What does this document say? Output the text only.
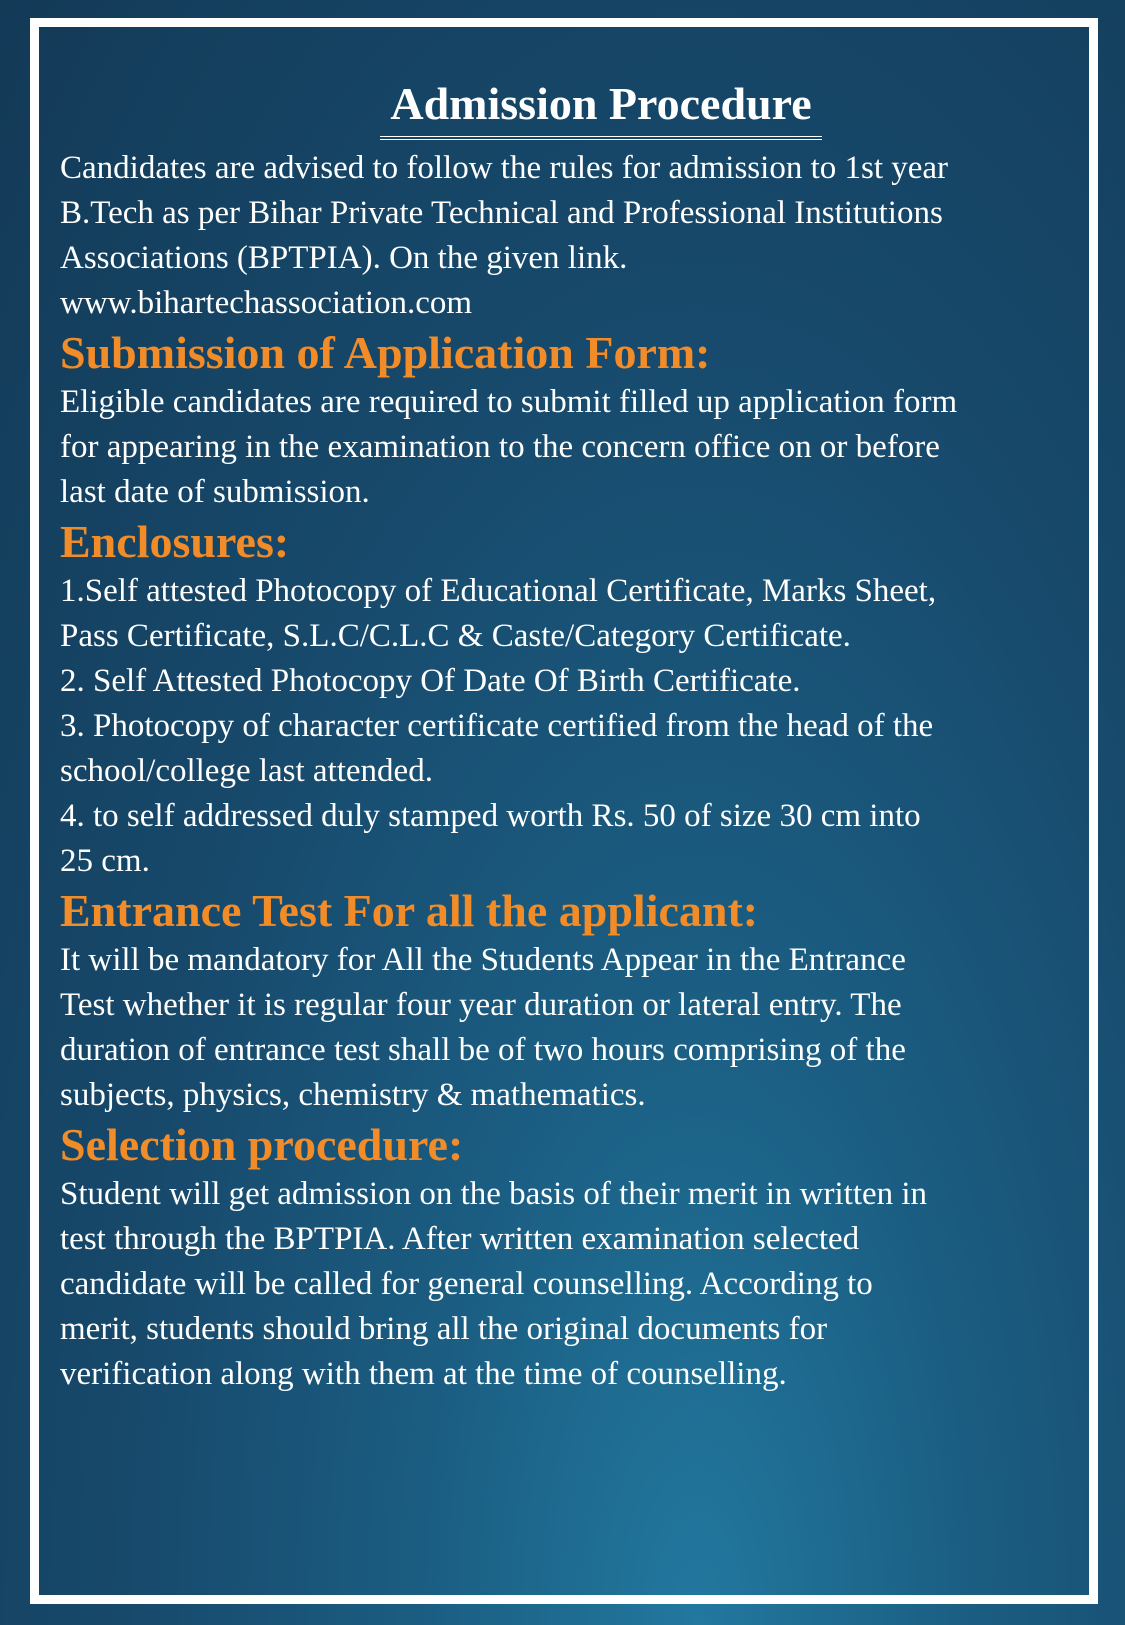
Admission Procedure

Candidates are advised to follow the rules for admission to 1st year
B.Tech as per Bihar Private Technical and Professional Institutions
Associations (BPTPIA). On the given link.

www.bihartechassociation.com

Submission of Application Form:

Eligible candidates are required to submit filled up application form
for appearing in the examination to the concern office on or before
last date of submission.

Enclosures:
1.Self attested Photocopy of Educational Certificate, Marks Sheet,
Pass Certificate, S.L.C/C.L.C & Caste/Category Certificate.
2. Self Attested Photocopy Of Date Of Birth Certificate.
3. Photocopy of character certificate certified from the head of the
school/college last attended.
4. to self addressed duly stamped worth Rs. 50 of size 30 cm into
25 cm.
Entrance Test For all the applicant:

It will be mandatory for All the Students Appear in the Entrance
Test whether it is regular four year duration or lateral entry. The
duration of entrance test shall be of two hours comprising of the
subjects, physics, chemistry & mathematics.

Selection procedure:

Student will get admission on the basis of their merit in written in
test through the BPTPIA. After written examination selected
candidate will be called for general counselling. According to
merit, students should bring all the original documents for
verification along with them at the time of counselling.
